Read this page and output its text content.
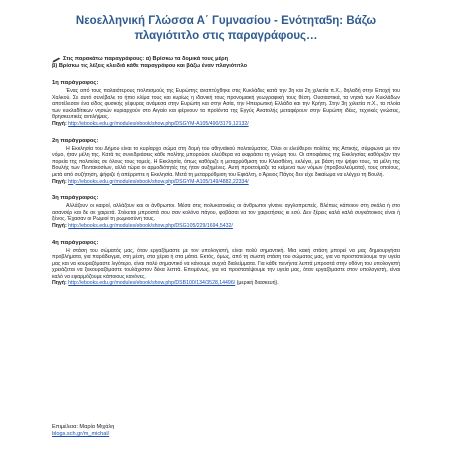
Νεοελληνική Γλώσσα Α΄ Γυμνασίου - Ενότητα5η: Βάζω
πλαγιότιτλο στις παραγράφους…
Στις παρακάτω παραγράφους: α) Βρίσκω τα δομικά τους μέρη
β) Βρίσκω τις λέξεις κλειδιά κάθε παραγράφου και βάζω έναν πλαγιότιτλο
1η παράγραφος:
Ένας από τους παλαιότερους πολιτισμούς της Ευρώπης αναπτύχθηκε στις Κυκλάδες κατά την 3η και 2η χιλιετία π.Χ., δηλαδή στην Εποχή του Χαλκού. Σε αυτό συνέβαλε το ήπιο κλίμα τους και κυρίως η ιδανική τους προνομιακή γεωγραφική τους θέση. Ουσιαστικά, τα νησιά των Κυκλάδων αποτέλεσαν ένα είδος φυσικής γέφυρας ανάμεσα στην Ευρώπη και στην Ασία, την Ηπειρωτική Ελλάδα και την Κρήτη. Στην 3η χιλιετία π.Χ., τα πλοία των κυκλαδίτικων νησιών κυριαρχούν στο Αιγαίο και φέρνουν τα προϊόντα της Εγγύς Ανατολής μεταφέρουν στην Ευρώπη ιδέες, τεχνικές γνώσεις, θρησκευτικές αντιλήψεις.
Πηγή: http://ebooks.edu.gr/modules/ebook/show.php/DSGYM-A105/490/3179,12132/
2η παράγραφος:
Η Εκκλησία του Δήμου είναι το κυρίαρχο σώμα στη δομή του αθηναϊκού πολιτεύματος. Όλοι οι ελεύθεροι πολίτες της Αττικής, σύμφωνα με τον νόμο, ήταν μέλη της. Κατά τις συνεδριάσεις κάθε πολίτης μπορούσε ελεύθερα να εκφράσει τη γνώμη του. Οι αποφάσεις της Εκκλησίας καθόριζαν την πορεία της πολιτείας σε όλους τους τομείς. Η Εκκλησία, όπως καθόριζε η μεταρρύθμιση του Κλεισθένη, εκλέγει, με βάση την ψήφο τους, τα μέλη της Βουλής των Πεντακοσίων, αλλά τώρα οι αρμοδιότητές της ήταν αυξημένες. Αυτή προετοίμαζε τα κείμενα των νόμων (προβουλεύματα), τους οποίους, μετά από συζήτηση, ψήφιζε ή απέρριπτε η Εκκλησία. Μετά τη μεταρρύθμιση του Εφιάλτη, ο Άρειος Πάγος δεν είχε δικαίωμα να ελέγχει τη Βουλή.
Πηγή: http://ebooks.edu.gr/modules/ebook/show.php/DSGYM-A105/149/4882,22334/
3η παράγραφος:
Αλλάζουν οι καιροί, αλλάζουν και οι άνθρωποι. Μέσα στις πολυκατοικίες οι άνθρωποι γίνανε αγγλοπρεπείς. Βλέπεις κάποιον στη σκάλα ή στο ασανσέρ και δε σε χαιρετά. Στέκεται μπροστά σου σαν κολόνα πάγου, φοβάσαι να τον χαιρετήσεις κι εσύ. Δεν ξέρεις καλά καλά συγκάτοικος είναι ή ξένος. Έχασαν οι Ρωμιοί τη ρωμιοσύνη τους.
Πηγή: http://ebooks.edu.gr/modules/ebook/show.php/DSG105/229/1694,5432/
4η παράγραφος:
Η στάση του σώματός μας, όταν εργαζόμαστε με τον υπολογιστή, είναι πολύ σημαντική. Μια κακή στάση μπορεί να μας δημιουργήσει προβλήματα, για παράδειγμα, στη μέση, στα χέρια ή στα μάτια. Εκτός, όμως, από τη σωστή στάση του σώματος μας, για να προστατεύουμε την υγεία μας και να κουραζόμαστε λιγότερο, είναι πολύ σημαντικό να κάνουμε συχνά διαλείμματα. Για κάθε πενήντα λεπτά μπροστά στην οθόνη του υπολογιστή χρειάζεται να ξεκουραζόμαστε τουλάχιστον δέκα λεπτά. Επομένως, για να προστατέψουμε την υγεία μας, όταν εργαζόμαστε στον υπολογιστή, είναι καλό να εφαρμόζουμε κάποιους κανόνες.
Πηγή: http://ebooks.edu.gr/modules/ebook/show.php/DSB100/134/3528,14496/ (μερική διασκευή).
Επιμέλεια: Μαρία Μιχάλη
blogs.sch.gr/m_michal/
